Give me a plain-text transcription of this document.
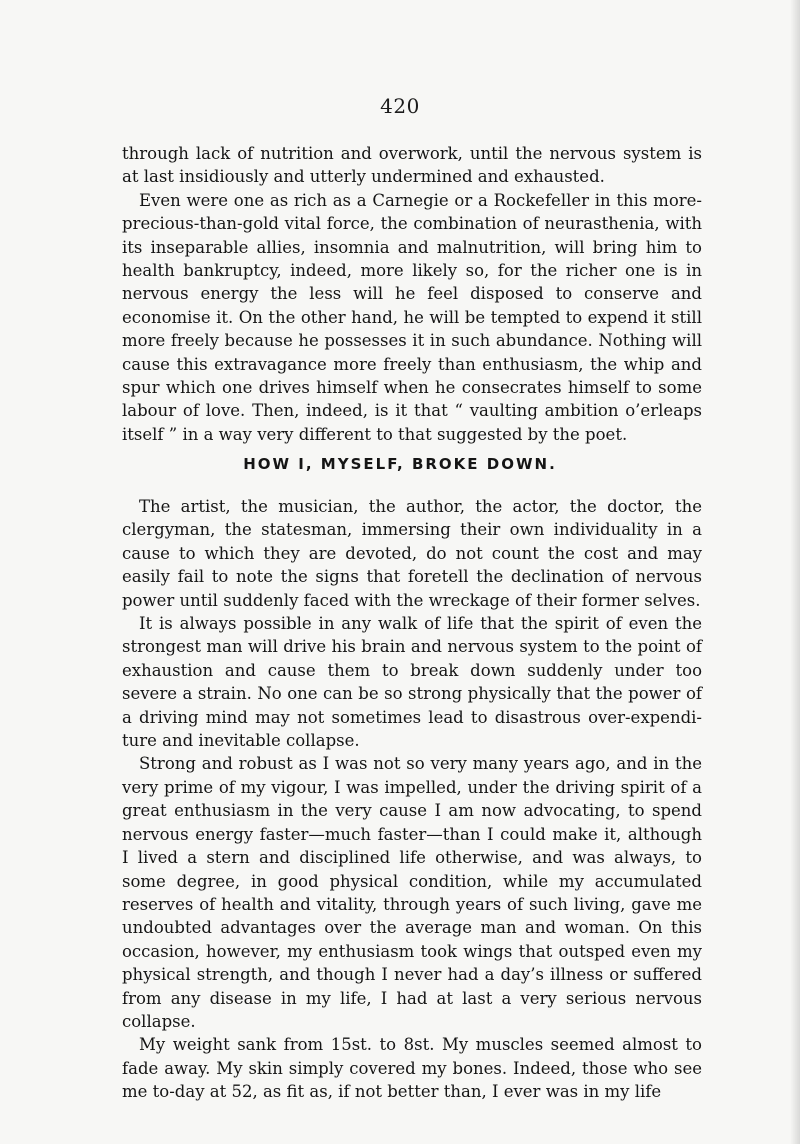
420

through lack of nutrition and overwork, until the nervous system is at last insidiously and utterly undermined and exhausted.

Even were one as rich as a Carnegie or a Rockefeller in this more-precious-than-gold vital force, the combination of neurasthenia, with its inseparable allies, insomnia and malnutrition, will bring him to health bankruptcy, indeed, more likely so, for the richer one is in nervous energy the less will he feel disposed to conserve and economise it. On the other hand, he will be tempted to expend it still more freely because he possesses it in such abundance. Nothing will cause this extravagance more freely than enthusiasm, the whip and spur which one drives himself when he consecrates himself to some labour of love. Then, indeed, is it that “ vaulting ambition o’erleaps itself ” in a way very different to that suggested by the poet.

HOW I, MYSELF, BROKE DOWN.

The artist, the musician, the author, the actor, the doctor, the clergyman, the statesman, immersing their own individuality in a cause to which they are devoted, do not count the cost and may easily fail to note the signs that foretell the declination of nervous power until suddenly faced with the wreckage of their former selves.

It is always possible in any walk of life that the spirit of even the strongest man will drive his brain and nervous system to the point of exhaustion and cause them to break down suddenly under too severe a strain. No one can be so strong physically that the power of a driving mind may not sometimes lead to disastrous over-expendi- ture and inevitable collapse.

Strong and robust as I was not so very many years ago, and in the very prime of my vigour, I was impelled, under the driving spirit of a great enthusiasm in the very cause I am now advocating, to spend nervous energy faster—much faster—than I could make it, although I lived a stern and disciplined life otherwise, and was always, to some degree, in good physical condition, while my accumulated reserves of health and vitality, through years of such living, gave me undoubted advantages over the average man and woman. On this occasion, however, my enthusiasm took wings that outsped even my physical strength, and though I never had a day’s illness or suffered from any disease in my life, I had at last a very serious nervous collapse.

My weight sank from 15st. to 8st. My muscles seemed almost to fade away. My skin simply covered my bones. Indeed, those who see me to-day at 52, as fit as, if not better than, I ever was in my life
